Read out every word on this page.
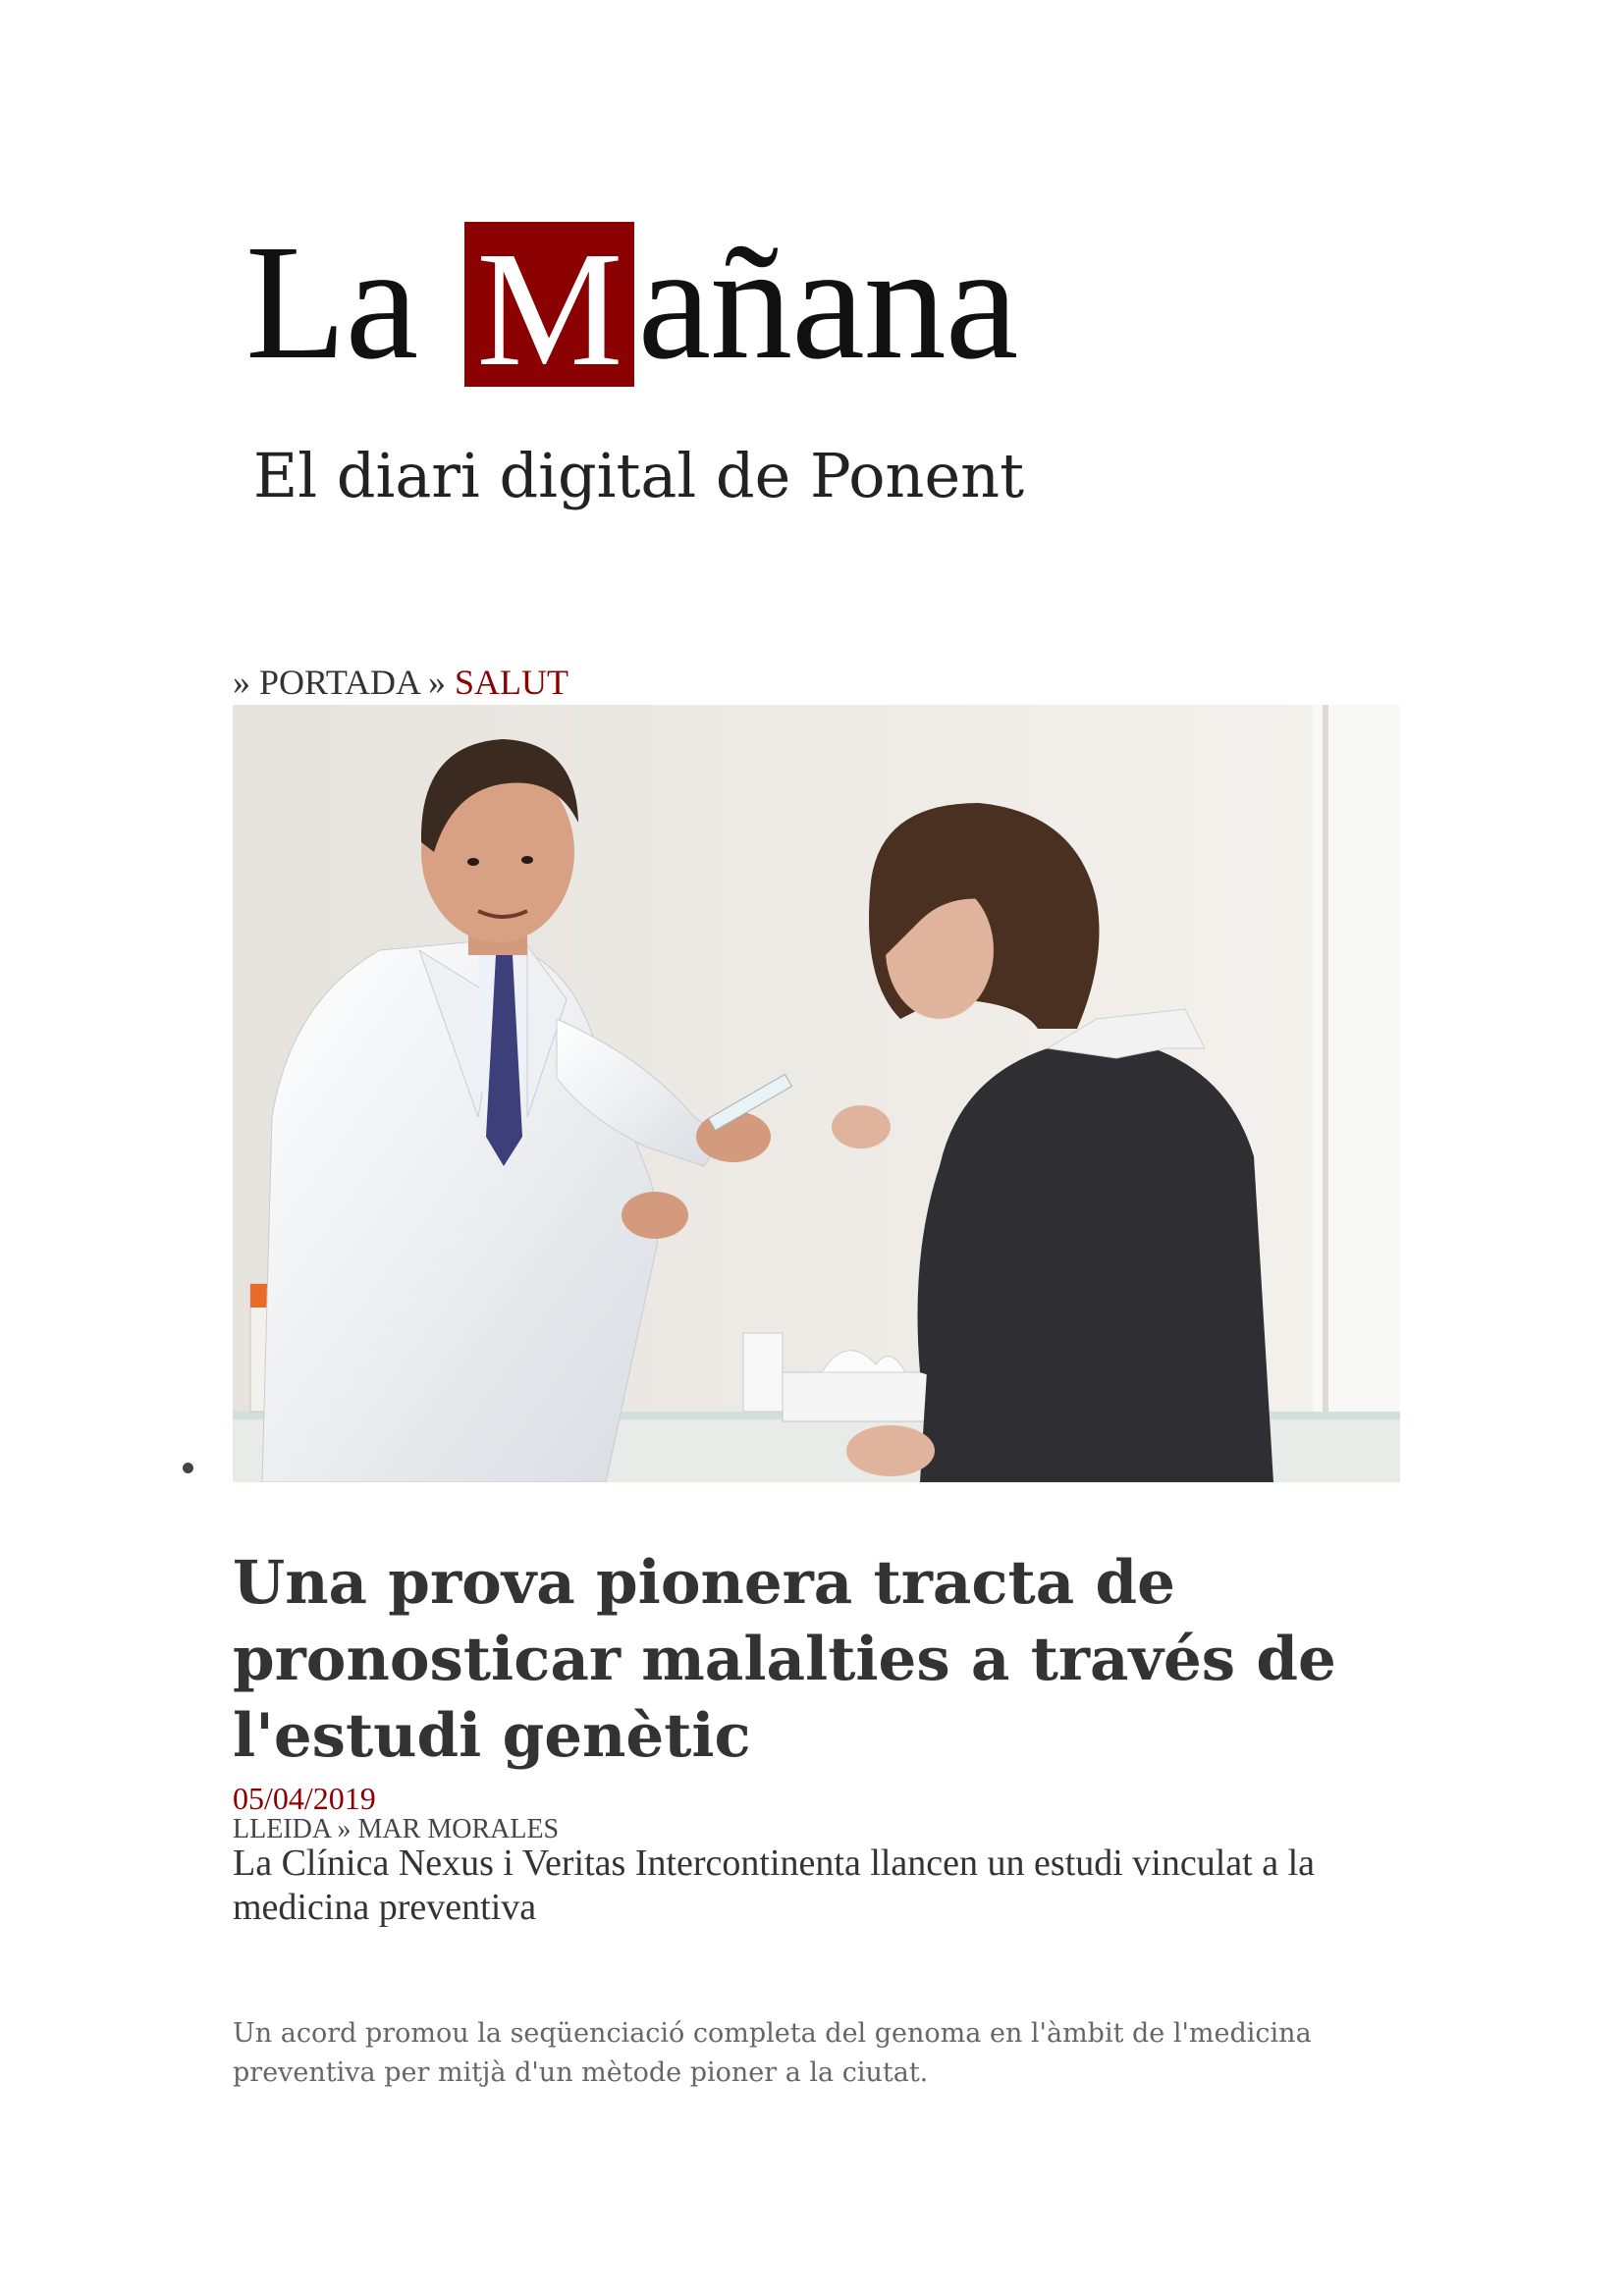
La M añana
El diari digital de Ponent
» PORTADA » SALUT
Una prova pionera tracta de pronosticar malalties a través de l'estudi genètic
05/04/2019
LLEIDA » MAR MORALES

La Clínica Nexus i Veritas Intercontinenta llancen un estudi vinculat a la medicina preventiva

Un acord promou la seqüenciació completa del genoma en l'àmbit de l'medicina preventiva per mitjà d'un mètode pioner a la ciutat.
